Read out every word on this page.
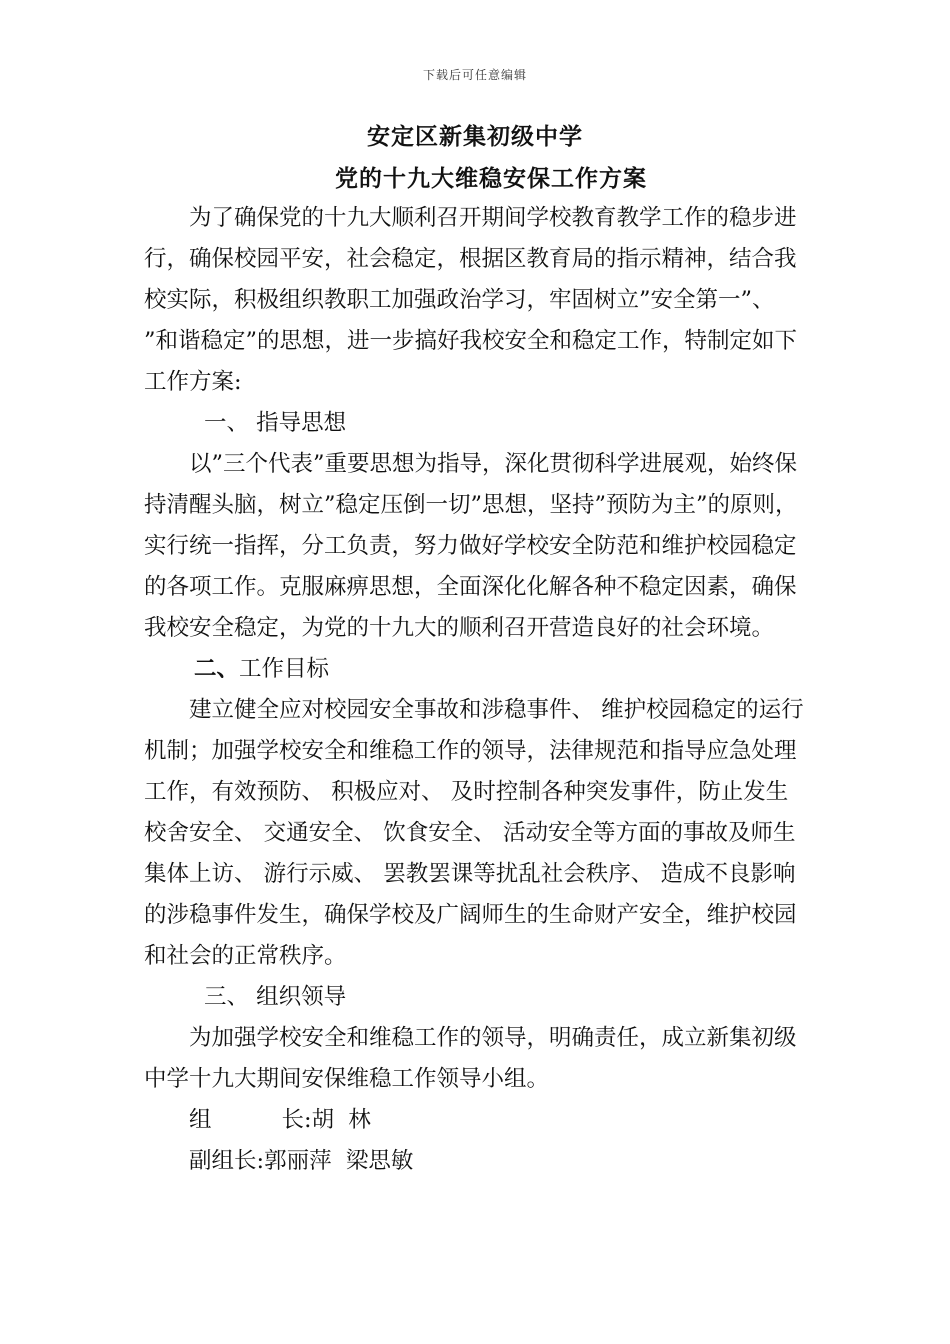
下载后可任意编辑
安定区新集初级中学
党的十九大维稳安保工作方案

为了确保党的十九大顺利召开期间学校教育教学工作的稳步进行，确保校园平安，社会稳定，根据区教育局的指示精神，结合我校实际，积极组织教职工加强政治学习，牢固树立”安全第一”、 ”和谐稳定”的思想，进一步搞好我校安全和稳定工作，特制定如下工作方案:

一、 指导思想

以”三个代表”重要思想为指导，深化贯彻科学进展观，始终保持清醒头脑，树立”稳定压倒一切”思想，坚持”预防为主”的原则，实行统一指挥，分工负责，努力做好学校安全防范和维护校园稳定的各项工作。克服麻痹思想，全面深化化解各种不稳定因素，确保我校安全稳定，为党的十九大的顺利召开营造良好的社会环境。

二、工作目标

建立健全应对校园安全事故和涉稳事件、 维护校园稳定的运行机制；加强学校安全和维稳工作的领导，法律规范和指导应急处理工作，有效预防、 积极应对、 及时控制各种突发事件，防止发生校舍安全、 交通安全、 饮食安全、 活动安全等方面的事故及师生集体上访、 游行示威、 罢教罢课等扰乱社会秩序、 造成不良影响的涉稳事件发生，确保学校及广阔师生的生命财产安全，维护校园和社会的正常秩序。

三、 组织领导

为加强学校安全和维稳工作的领导，明确责任，成立新集初级中学十九大期间安保维稳工作领导小组。

组	长:胡  林

副组长:郭丽萍  梁思敏
